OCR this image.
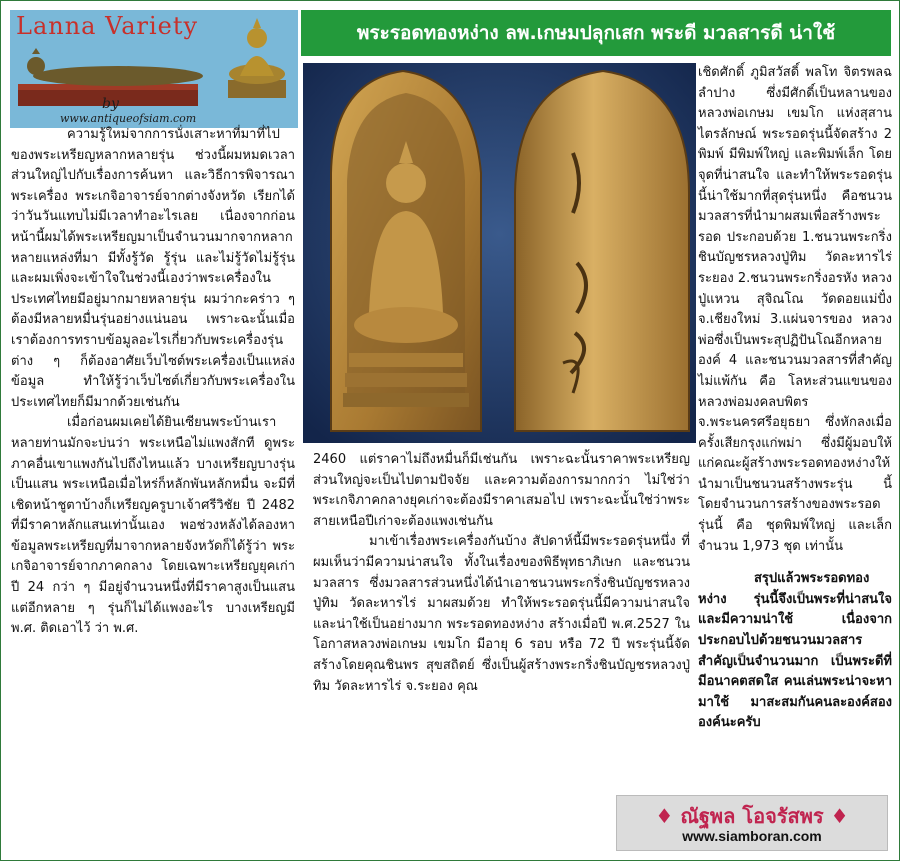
Lanna Variety
by
www.antiqueofsiam.com
พระรอดทองหง่าง ลพ.เกษมปลุกเสก พระดี มวลสารดี น่าใช้

ความรู้ใหม่จากการนั่งเสาะหาที่มาที่ไปของพระเหรียญหลากหลายรุ่น ช่วงนี้ผมหมดเวลาส่วนใหญ่ไปกับเรื่องการค้นหา และวิธีการพิจารณาพระเครื่อง พระเกจิอาจารย์จากต่างจังหวัด เรียกได้ว่าวันวันแทบไม่มีเวลาทำอะไรเลย เนื่องจากก่อนหน้านี้ผมได้พระเหรียญมาเป็นจำนวนมากจากหลากหลายแหล่งที่มา มีทั้งรู้วัด รู้รุ่น และไม่รู้วัดไม่รู้รุ่น และผมเพิ่งจะเข้าใจในช่วงนี้เองว่าพระเครื่องในประเทศไทยมีอยู่มากมายหลายรุ่น ผมว่ากะคร่าว ๆ ต้องมีหลายหมื่นรุ่นอย่างแน่นอน เพราะฉะนั้นเมื่อเราต้องการทราบข้อมูลอะไรเกี่ยวกับพระเครื่องรุ่นต่าง ๆ ก็ต้องอาศัยเว็บไซต์พระเครื่องเป็นแหล่งข้อมูล ทำให้รู้ว่าเว็บไซต์เกี่ยวกับพระเครื่องในประเทศไทยก็มีมากด้วยเช่นกัน

เมื่อก่อนผมเคยได้ยินเซียนพระบ้านเราหลายท่านมักจะบ่นว่า พระเหนือไม่แพงสักที ดูพระภาคอื่นเขาแพงกันไปถึงไหนแล้ว บางเหรียญบางรุ่นเป็นแสน พระเหนือเมื่อไหร่ก็หลักพันหลักหมื่น จะมีที่เชิดหน้าชูตาบ้างก็เหรียญครูบาเจ้าศรีวิชัย ปี 2482 ที่มีราคาหลักแสนเท่านั้นเอง พอช่วงหลังได้ลองหาข้อมูลพระเหรียญที่มาจากหลายจังหวัดก็ได้รู้ว่า พระเกจิอาจารย์จากภาคกลาง โดยเฉพาะเหรียญยุคเก่า ปี 24 กว่า ๆ มีอยู่จำนวนหนึ่งที่มีราคาสูงเป็นแสน แต่อีกหลาย ๆ รุ่นก็ไม่ได้แพงอะไร บางเหรียญมี พ.ศ. ติดเอาไว้ ว่า พ.ศ.

2460 แต่ราคาไม่ถึงหมื่นก็มีเช่นกัน เพราะฉะนั้นราคาพระเหรียญส่วนใหญ่จะเป็นไปตามปัจจัย และความต้องการมากกว่า ไม่ใช่ว่าพระเกจิภาคกลางยุคเก่าจะต้องมีราคาเสมอไป เพราะฉะนั้นใช่ว่าพระสายเหนือปีเก่าจะต้องแพงเช่นกัน

มาเข้าเรื่องพระเครื่องกันบ้าง สัปดาห์นี้มีพระรอดรุ่นหนึ่ง ที่ผมเห็นว่ามีความน่าสนใจ ทั้งในเรื่องของพิธีพุทธาภิเษก และชนวนมวลสาร ซึ่งมวลสารส่วนหนึ่งได้นำเอาชนวนพระกริ่งชินบัญชรหลวงปู่ทิม วัดละหารไร่ มาผสมด้วย ทำให้พระรอดรุ่นนี้มีความน่าสนใจ และน่าใช้เป็นอย่างมาก พระรอดทองหง่าง สร้างเมื่อปี พ.ศ.2527 ในโอกาสหลวงพ่อเกษม เขมโก มีอายุ 6 รอบ หรือ 72 ปี พระรุ่นนี้จัดสร้างโดยคุณชินพร สุขสถิตย์ ซึ่งเป็นผู้สร้างพระกริ่งชินบัญชรหลวงปู่ทิม วัดละหารไร่ จ.ระยอง คุณ

เชิดศักดิ์ ภูมิสวัสดิ์ พลโท จิตรพลฉ ลำปาง ซึ่งมีศักดิ์เป็นหลานของหลวงพ่อเกษม เขมโก แห่งสุสานไตรลักษณ์ พระรอดรุ่นนี้จัดสร้าง 2 พิมพ์ มีพิมพ์ใหญ่ และพิมพ์เล็ก โดยจุดที่น่าสนใจ และทำให้พระรอดรุ่นนี้น่าใช้มากที่สุดรุ่นหนึ่ง คือชนวนมวลสารที่นำมาผสมเพื่อสร้างพระรอด ประกอบด้วย 1.ชนวนพระกริ่งชินบัญชรหลวงปู่ทิม วัดละหารไร่ ระยอง 2.ชนวนพระกริ่งอรหัง หลวงปู่แหวน สุจิณโณ วัดดอยแม่ปั๋ง จ.เชียงใหม่ 3.แผ่นจารของ หลวงพ่อซึ่งเป็นพระสุปฏิปันโณอีกหลายองค์ 4 และชนวนมวลสารที่สำคัญไม่แพ้กัน คือ โลหะส่วนแขนของหลวงพ่อมงคลบพิตร จ.พระนครศรีอยุธยา ซึ่งหักลงเมื่อครั้งเสียกรุงแก่พม่า ซึ่งมีผู้มอบให้แก่คณะผู้สร้างพระรอดทองหง่างให้นำมาเป็นชนวนสร้างพระรุ่น นี้ โดยจำนวนการสร้างของพระรอดรุ่นนี้ คือ ชุดพิมพ์ใหญ่ และเล็ก จำนวน 1,973 ชุด เท่านั้น

สรุปแล้วพระรอดทองหง่าง รุ่นนี้จึงเป็นพระที่น่าสนใจ และมีความน่าใช้ เนื่องจากประกอบไปด้วยชนวนมวลสารสำคัญเป็นจำนวนมาก เป็นพระดีที่มีอนาคตสดใส คนเล่นพระน่าจะหามาใช้ มาสะสมกันคนละองค์สององค์นะครับ

♦ ณัฐพล โอจรัสพร ♦
www.siamboran.com
